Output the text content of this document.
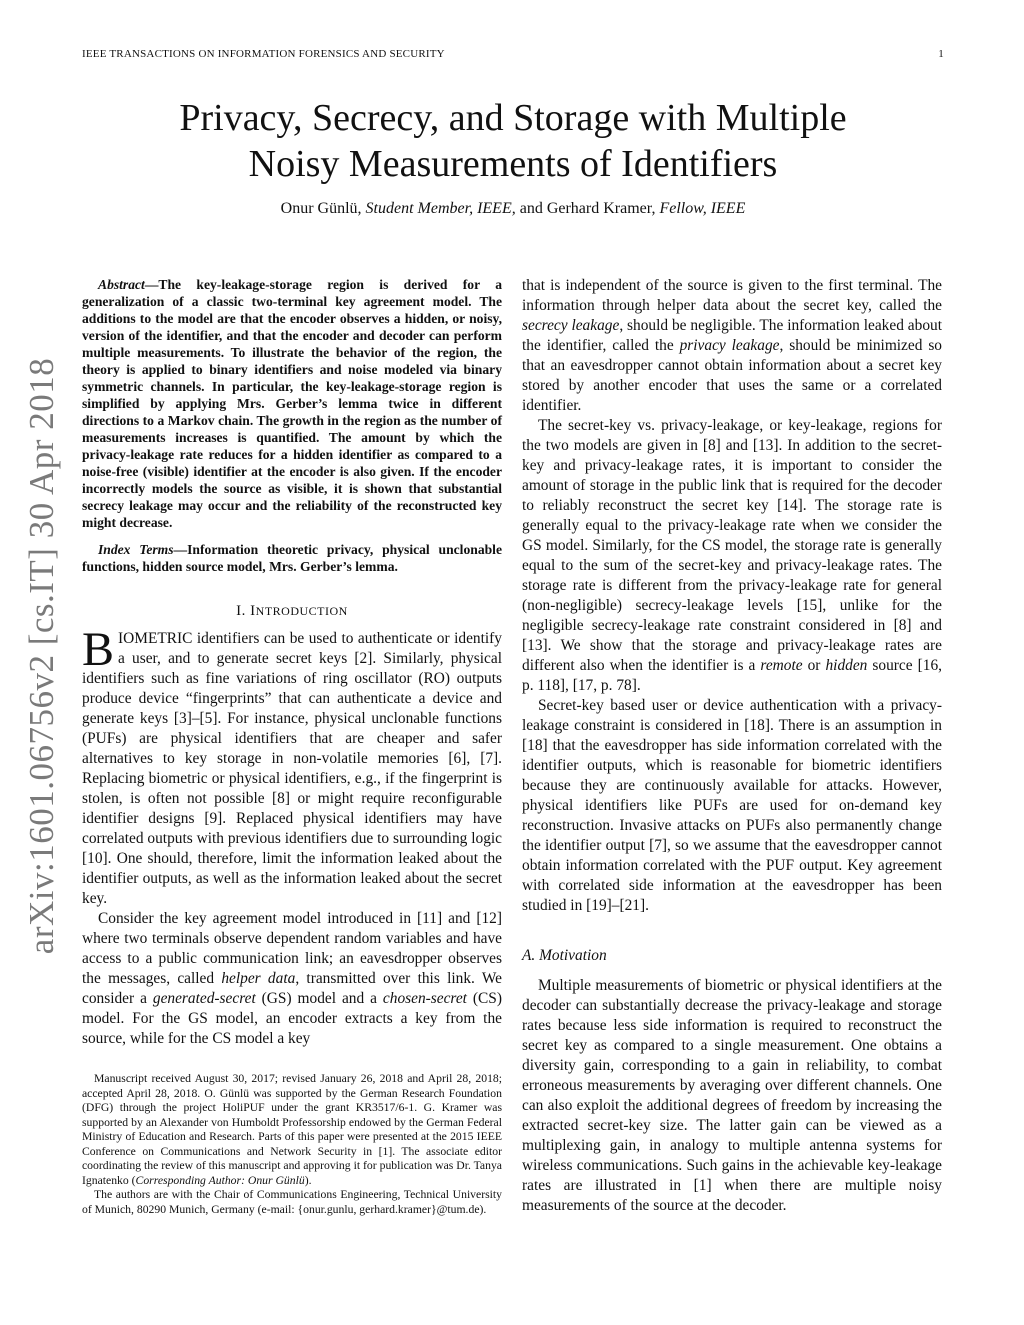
IEEE TRANSACTIONS ON INFORMATION FORENSICS AND SECURITY	1
arXiv:1601.06756v2 [cs.IT] 30 Apr 2018
Privacy, Secrecy, and Storage with Multiple
Noisy Measurements of Identifiers
Onur Günlü, Student Member, IEEE, and Gerhard Kramer, Fellow, IEEE

Abstract—The key-leakage-storage region is derived for a generalization of a classic two-terminal key agreement model. The additions to the model are that the encoder observes a hidden, or noisy, version of the identifier, and that the encoder and decoder can perform multiple measurements. To illustrate the behavior of the region, the theory is applied to binary identifiers and noise modeled via binary symmetric channels. In particular, the key-leakage-storage region is simplified by applying Mrs. Gerber’s lemma twice in different directions to a Markov chain. The growth in the region as the number of measurements increases is quantified. The amount by which the privacy-leakage rate reduces for a hidden identifier as compared to a noise-free (visible) identifier at the encoder is also given. If the encoder incorrectly models the source as visible, it is shown that substantial secrecy leakage may occur and the reliability of the reconstructed key might decrease.

Index Terms—Information theoretic privacy, physical unclonable functions, hidden source model, Mrs. Gerber’s lemma.
I. INTRODUCTION
B IOMETRIC identifiers can be used to authenticate or identify a user, and to generate secret keys [2]. Similarly, physical identifiers such as fine variations of ring oscillator (RO) outputs produce device “fingerprints” that can authenticate a device and generate keys [3]–[5]. For instance, physical unclonable functions (PUFs) are physical identifiers that are cheaper and safer alternatives to key storage in non-volatile memories [6], [7]. Replacing biometric or physical identifiers, e.g., if the fingerprint is stolen, is often not possible [8] or might require reconfigurable identifier designs [9]. Replaced physical identifiers may have correlated outputs with previous identifiers due to surrounding logic [10]. One should, therefore, limit the information leaked about the identifier outputs, as well as the information leaked about the secret key.

Consider the key agreement model introduced in [11] and [12] where two terminals observe dependent random variables and have access to a public communication link; an eavesdropper observes the messages, called helper data, transmitted over this link. We consider a generated-secret (GS) model and a chosen-secret (CS) model. For the GS model, an encoder extracts a key from the source, while for the CS model a key

Manuscript received August 30, 2017; revised January 26, 2018 and April 28, 2018; accepted April 28, 2018. O. Günlü was supported by the German Research Foundation (DFG) through the project HoliPUF under the grant KR3517/6-1. G. Kramer was supported by an Alexander von Humboldt Professorship endowed by the German Federal Ministry of Education and Research. Parts of this paper were presented at the 2015 IEEE Conference on Communications and Network Security in [1]. The associate editor coordinating the review of this manuscript and approving it for publication was Dr. Tanya Ignatenko (Corresponding Author: Onur Günlü).

The authors are with the Chair of Communications Engineering, Technical University of Munich, 80290 Munich, Germany (e-mail: {onur.gunlu, gerhard.kramer}@tum.de).

that is independent of the source is given to the first terminal. The information through helper data about the secret key, called the secrecy leakage, should be negligible. The information leaked about the identifier, called the privacy leakage, should be minimized so that an eavesdropper cannot obtain information about a secret key stored by another encoder that uses the same or a correlated identifier.

The secret-key vs. privacy-leakage, or key-leakage, regions for the two models are given in [8] and [13]. In addition to the secret-key and privacy-leakage rates, it is important to consider the amount of storage in the public link that is required for the decoder to reliably reconstruct the secret key [14]. The storage rate is generally equal to the privacy-leakage rate when we consider the GS model. Similarly, for the CS model, the storage rate is generally equal to the sum of the secret-key and privacy-leakage rates. The storage rate is different from the privacy-leakage rate for general (non-negligible) secrecy-leakage levels [15], unlike for the negligible secrecy-leakage rate constraint considered in [8] and [13]. We show that the storage and privacy-leakage rates are different also when the identifier is a remote or hidden source [16, p. 118], [17, p. 78].

Secret-key based user or device authentication with a privacy-leakage constraint is considered in [18]. There is an assumption in [18] that the eavesdropper has side information correlated with the identifier outputs, which is reasonable for biometric identifiers because they are continuously available for attacks. However, physical identifiers like PUFs are used for on-demand key reconstruction. Invasive attacks on PUFs also permanently change the identifier output [7], so we assume that the eavesdropper cannot obtain information correlated with the PUF output. Key agreement with correlated side information at the eavesdropper has been studied in [19]–[21].

A. Motivation

Multiple measurements of biometric or physical identifiers at the decoder can substantially decrease the privacy-leakage and storage rates because less side information is required to reconstruct the secret key as compared to a single measurement. One obtains a diversity gain, corresponding to a gain in reliability, to combat erroneous measurements by averaging over different channels. One can also exploit the additional degrees of freedom by increasing the extracted secret-key size. The latter gain can be viewed as a multiplexing gain, in analogy to multiple antenna systems for wireless communications. Such gains in the achievable key-leakage rates are illustrated in [1] when there are multiple noisy measurements of the source at the decoder.
